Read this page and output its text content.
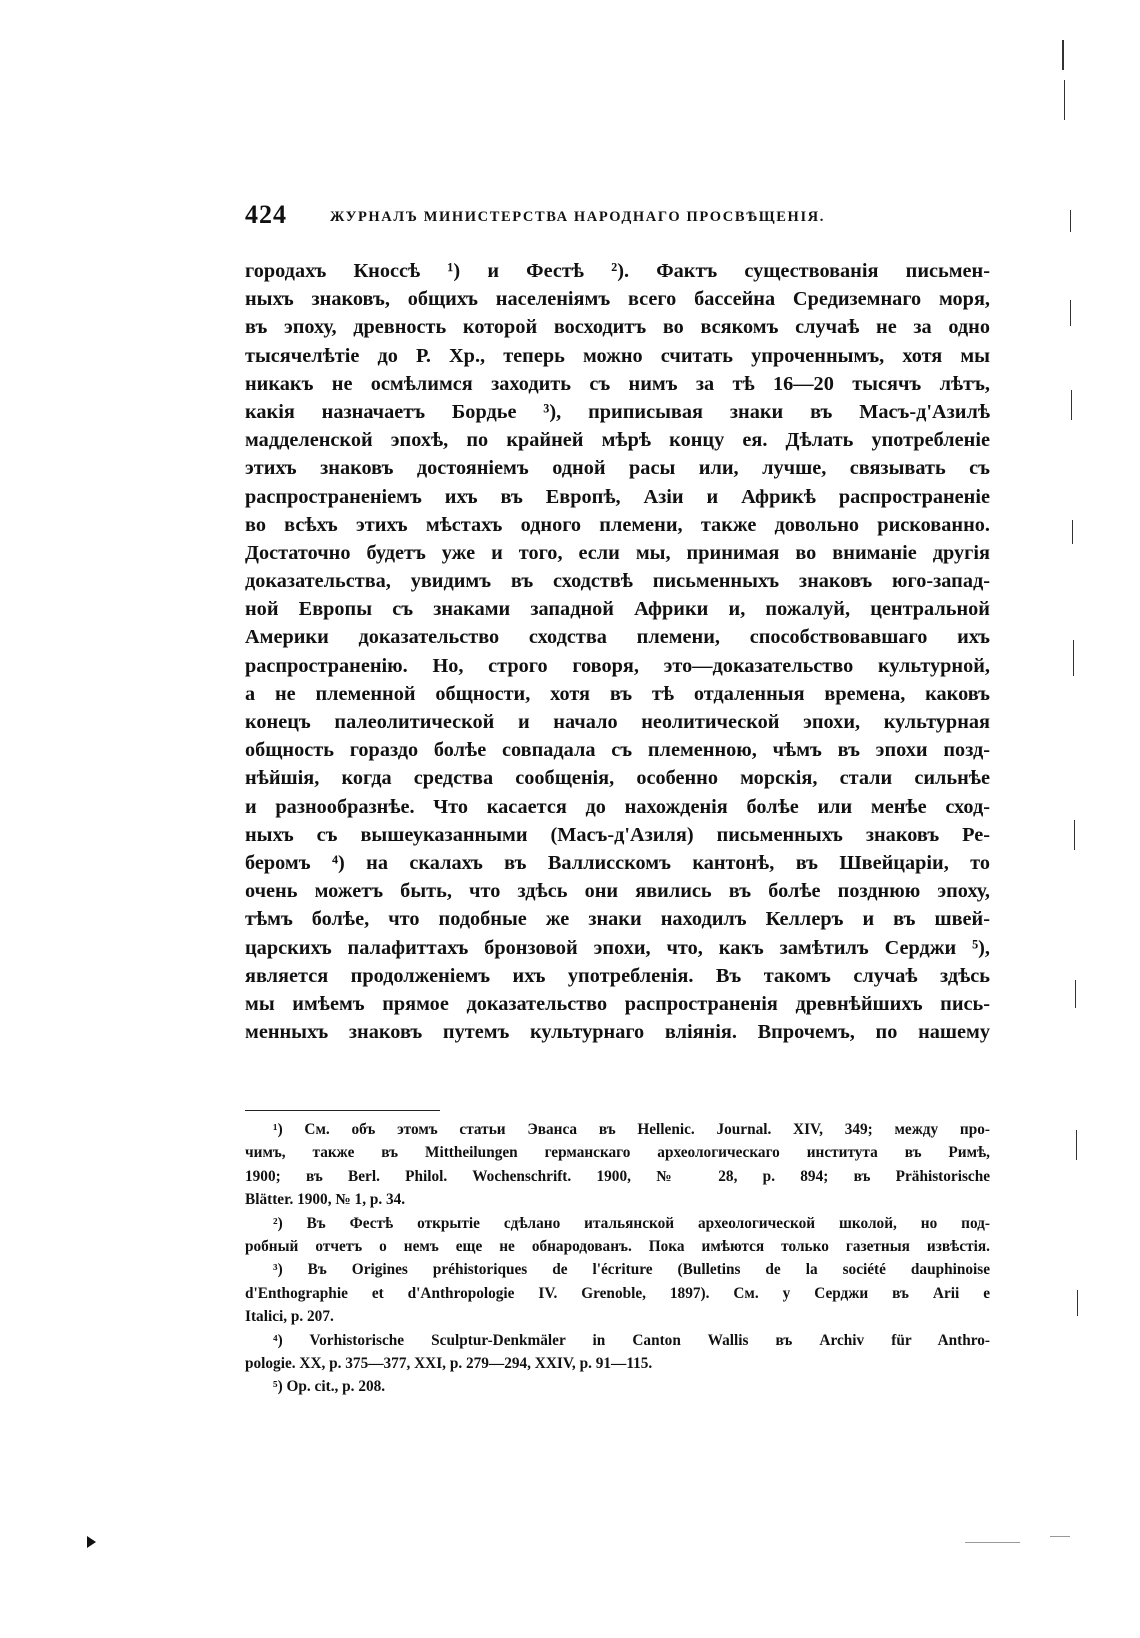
424	ЖУРНАЛЪ МИНИСТЕРСТВА НАРОДНАГО ПРОСВѢЩЕНІЯ.
городахъ Кноссѣ ¹) и Фестѣ ²). Фактъ существованія письмен-
ныхъ знаковъ, общихъ населеніямъ всего бассейна Средиземнаго моря,
въ эпоху, древность которой восходитъ во всякомъ случаѣ не за одно
тысячелѣтіе до Р. Хр., теперь можно считать упроченнымъ, хотя мы
никакъ не осмѣлимся заходить съ нимъ за тѣ 16—20 тысячъ лѣтъ,
какія назначаетъ Бордье ³), приписывая знаки въ Масъ-д'Азилѣ
мадделенской эпохѣ, по крайней мѣрѣ концу ея. Дѣлать употребленіе
этихъ знаковъ достояніемъ одной расы или, лучше, связывать съ
распространеніемъ ихъ въ Европѣ, Азіи и Африкѣ распространеніе
во всѣхъ этихъ мѣстахъ одного племени, также довольно рискованно.
Достаточно будетъ уже и того, если мы, принимая во вниманіе другія
доказательства, увидимъ въ сходствѣ письменныхъ знаковъ юго-запад-
ной Европы съ знаками западной Африки и, пожалуй, центральной
Америки доказательство сходства племени, способствовавшаго ихъ
распространенію. Но, строго говоря, это—доказательство культурной,
а не племенной общности, хотя въ тѣ отдаленныя времена, каковъ
конецъ палеолитической и начало неолитической эпохи, культурная
общность гораздо болѣе совпадала съ племенною, чѣмъ въ эпохи позд-
нѣйшія, когда средства сообщенія, особенно морскія, стали сильнѣе
и разнообразнѣе. Что касается до нахожденія болѣе или менѣе сход-
ныхъ съ вышеуказанными (Масъ-д'Азиля) письменныхъ знаковъ Ре-
беромъ ⁴) на скалахъ въ Валлисскомъ кантонѣ, въ Швейцаріи, то
очень можетъ быть, что здѣсь они явились въ болѣе позднюю эпоху,
тѣмъ болѣе, что подобные же знаки находилъ Келлеръ и въ швей-
царскихъ палафиттахъ бронзовой эпохи, что, какъ замѣтилъ Серджи ⁵),
является продолженіемъ ихъ употребленія. Въ такомъ случаѣ здѣсь
мы имѣемъ прямое доказательство распространенія древнѣйшихъ пись-
менныхъ знаковъ путемъ культурнаго вліянія. Впрочемъ, по нашему
¹) См. объ этомъ статьи Эванса въ Hellenic. Journal. XIV, 349; между про-
чимъ, также въ Mittheilungen германскаго археологическаго института въ Римѣ,
1900; въ Berl. Philol. Wochenschrift. 1900, № 28, p. 894; въ Prähistorische
Blätter. 1900, № 1, p. 34.
²) Въ Фестѣ открытіе сдѣлано итальянской археологической школой, но под-
робный отчетъ о немъ еще не обнародованъ. Пока имѣются только газетныя извѣстія.
³) Въ Origines préhistoriques de l'écriture (Bulletins de la société dauphinoise
d'Enthographie et d'Anthropologie IV. Grenoble, 1897). См. у Серджи въ Arii e
Italici, p. 207.
⁴) Vorhistorische Sculptur-Denkmäler in Canton Wallis въ Archiv für Anthro-
pologie. XX, p. 375—377, XXI, p. 279—294, XXIV, p. 91—115.
⁵) Op. cit., p. 208.
